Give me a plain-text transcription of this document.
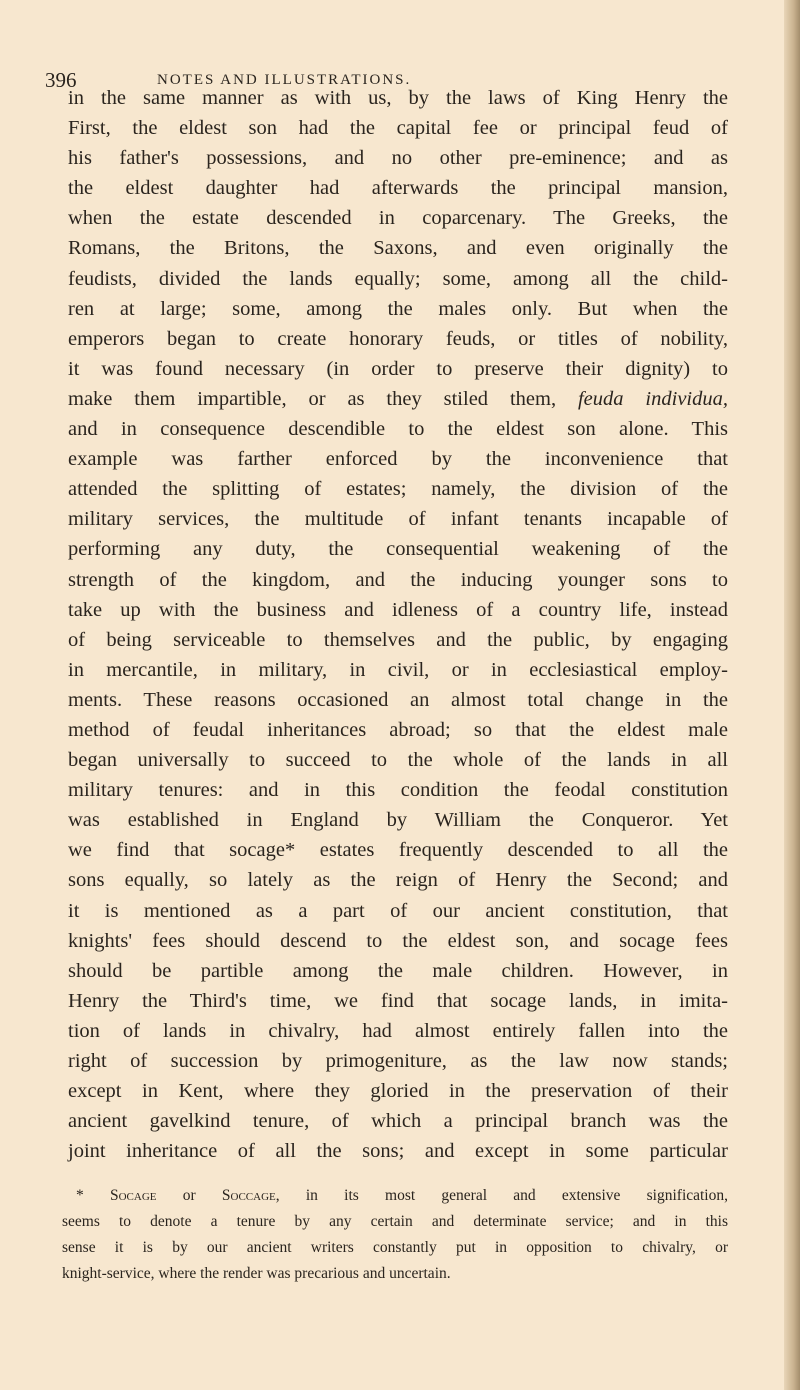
396	NOTES AND ILLUSTRATIONS.
in the same manner as with us, by the laws of King Henry the
First, the eldest son had the capital fee or principal feud of
his father's possessions, and no other pre-eminence; and as
the eldest daughter had afterwards the principal mansion,
when the estate descended in coparcenary. The Greeks, the
Romans, the Britons, the Saxons, and even originally the
feudists, divided the lands equally; some, among all the child-
ren at large; some, among the males only. But when the
emperors began to create honorary feuds, or titles of nobility,
it was found necessary (in order to preserve their dignity) to
make them impartible, or as they stiled them, feuda individua,
and in consequence descendible to the eldest son alone. This
example was farther enforced by the inconvenience that
attended the splitting of estates; namely, the division of the
military services, the multitude of infant tenants incapable of
performing any duty, the consequential weakening of the
strength of the kingdom, and the inducing younger sons to
take up with the business and idleness of a country life, instead
of being serviceable to themselves and the public, by engaging
in mercantile, in military, in civil, or in ecclesiastical employ-
ments. These reasons occasioned an almost total change in the
method of feudal inheritances abroad; so that the eldest male
began universally to succeed to the whole of the lands in all
military tenures: and in this condition the feodal constitution
was established in England by William the Conqueror. Yet
we find that socage* estates frequently descended to all the
sons equally, so lately as the reign of Henry the Second; and
it is mentioned as a part of our ancient constitution, that
knights' fees should descend to the eldest son, and socage fees
should be partible among the male children. However, in
Henry the Third's time, we find that socage lands, in imita-
tion of lands in chivalry, had almost entirely fallen into the
right of succession by primogeniture, as the law now stands;
except in Kent, where they gloried in the preservation of their
ancient gavelkind tenure, of which a principal branch was the
joint inheritance of all the sons; and except in some particular
* Socage or Soccage, in its most general and extensive signification,
seems to denote a tenure by any certain and determinate service; and in this
sense it is by our ancient writers constantly put in opposition to chivalry, or
knight-service, where the render was precarious and uncertain.
